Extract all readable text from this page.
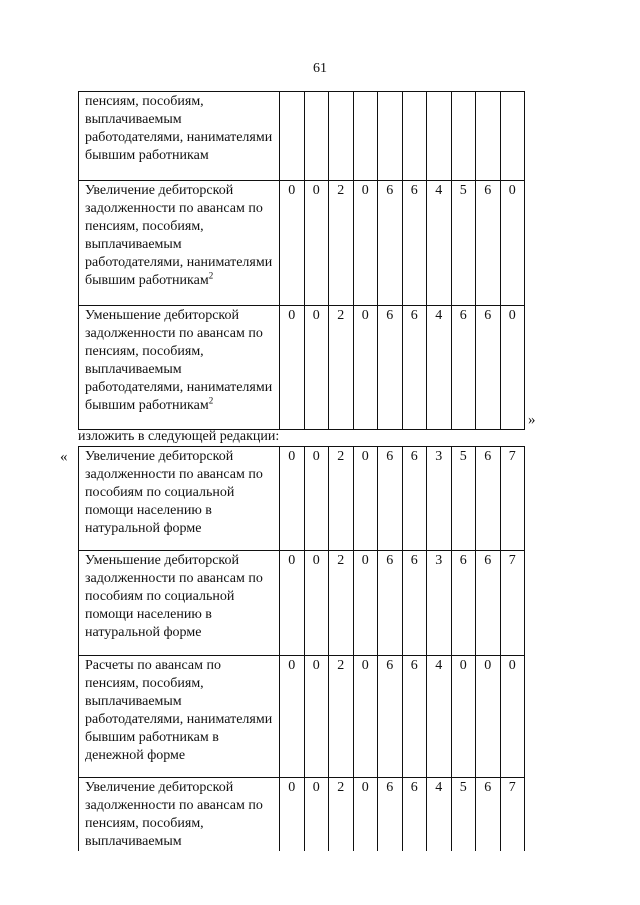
61
пенсиям, пособиям, выплачиваемым работодателями, нанимателями бывшим работникам										
Увеличение дебиторской задолженности по авансам по пенсиям, пособиям, выплачиваемым работодателями, нанимателями бывшим работникам$^2$	0	0	2	0	6	6	4	5	6	0
Уменьшение дебиторской задолженности по авансам по пенсиям, пособиям, выплачиваемым работодателями, нанимателями бывшим работникам$^2$	0	0	2	0	6	6	4	6	6	0
»
изложить в следующей редакции:
« Увеличение дебиторской задолженности по авансам по пособиям по социальной помощи населению в натуральной форме	0	0	2	0	6	6	3	5	6	7
Уменьшение дебиторской задолженности по авансам по пособиям по социальной помощи населению в натуральной форме	0	0	2	0	6	6	3	6	6	7
Расчеты по авансам по пенсиям, пособиям, выплачиваемым работодателями, нанимателями бывшим работникам в денежной форме	0	0	2	0	6	6	4	0	0	0
Увеличение дебиторской задолженности по авансам по пенсиям, пособиям, выплачиваемым	0	0	2	0	6	6	4	5	6	7
